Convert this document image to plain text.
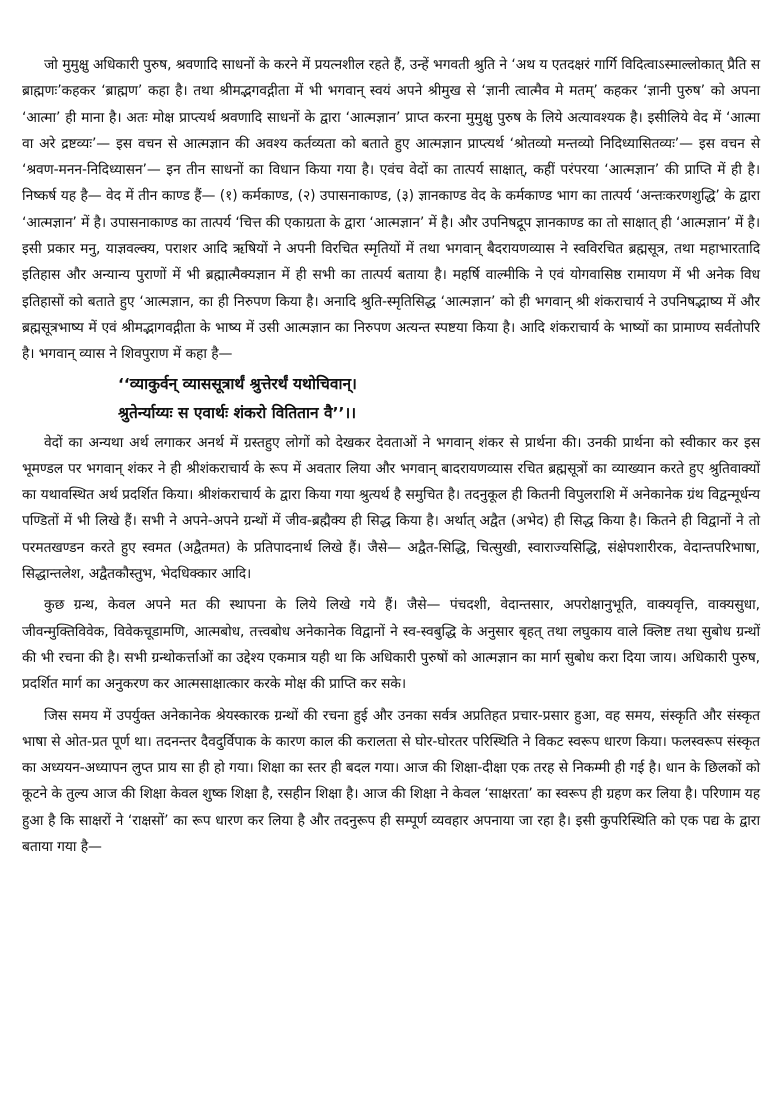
जो मुमुक्षु अधिकारी पुरुष, श्रवणादि साधनों के करने में प्रयत्नशील रहते हैं, उन्हें भगवती श्रुति ने ‘अथ य एतदक्षरं गार्गि विदित्वाऽस्माल्लोकात् प्रैति स ब्राह्मणः’कहकर ‘ब्राह्मण’ कहा है। तथा श्रीमद्भगवद्गीता में भी भगवान् स्वयं अपने श्रीमुख से ‘ज्ञानी त्वात्मैव मे मतम्’ कहकर ‘ज्ञानी पुरुष’ को अपना ‘आत्मा’ ही माना है। अतः मोक्ष प्राप्त्यर्थ श्रवणादि साधनों के द्वारा ‘आत्मज्ञान’ प्राप्त करना मुमुक्षु पुरुष के लिये अत्यावश्यक है। इसीलिये वेद में ‘आत्मा वा अरे द्रष्टव्यः’— इस वचन से आत्मज्ञान की अवश्य कर्तव्यता को बताते हुए आत्मज्ञान प्राप्त्यर्थ ‘श्रोतव्यो मन्तव्यो निदिध्यासितव्यः’— इस वचन से ‘श्रवण-मनन-निदिध्यासन’— इन तीन साधनों का विधान किया गया है। एवंच वेदों का तात्पर्य साक्षात्, कहीं परंपरया ‘आत्मज्ञान’ की प्राप्ति में ही है। निष्कर्ष यह है— वेद में तीन काण्ड हैं— (१) कर्मकाण्ड, (२) उपासनाकाण्ड, (३) ज्ञानकाण्ड वेद के कर्मकाण्ड भाग का तात्पर्य ‘अन्तःकरणशुद्धि’ के द्वारा ‘आत्मज्ञान’ में है। उपासनाकाण्ड का तात्पर्य ‘चित्त की एकाग्रता के द्वारा ‘आत्मज्ञान’ में है। और उपनिषद्रूप ज्ञानकाण्ड का तो साक्षात् ही ‘आत्मज्ञान’ में है। इसी प्रकार मनु, याज्ञवल्क्य, पराशर आदि ऋषियों ने अपनी विरचित स्मृतियों में तथा भगवान् बैदरायणव्यास ने स्वविरचित ब्रह्मसूत्र, तथा महाभारतादि इतिहास और अन्यान्य पुराणों में भी ब्रह्मात्मैक्यज्ञान में ही सभी का तात्पर्य बताया है। महर्षि वाल्मीकि ने एवं योगवासिष्ठ रामायण में भी अनेक विध इतिहासों को बताते हुए ‘आत्मज्ञान, का ही निरुपण किया है। अनादि श्रुति-स्मृतिसिद्ध ‘आत्मज्ञान’ को ही भगवान् श्री शंकराचार्य ने उपनिषद्भाष्य में और ब्रह्मसूत्रभाष्य में एवं श्रीमद्भागवद्गीता के भाष्य में उसी आत्मज्ञान का निरुपण अत्यन्त स्पष्टया किया है। आदि शंकराचार्य के भाष्यों का प्रामाण्य सर्वतोपरि है। भगवान् व्यास ने शिवपुराण में कहा है—

‘‘व्याकुर्वन् व्याससूत्रार्थं श्रुत्तेरर्थं यथोचिवान्।
श्रुतेर्न्याय्यः स एवार्थः शंकरो वितितान वै’’।।

वेदों का अन्यथा अर्थ लगाकर अनर्थ में ग्रस्तहुए लोगों को देखकर देवताओं ने भगवान् शंकर से प्रार्थना की। उनकी प्रार्थना को स्वीकार कर इस भूमण्डल पर भगवान् शंकर ने ही श्रीशंकराचार्य के रूप में अवतार लिया और भगवान् बादरायणव्यास रचित ब्रह्मसूत्रों का व्याख्यान करते हुए श्रुतिवाक्यों का यथावस्थित अर्थ प्रदर्शित किया। श्रीशंकराचार्य के द्वारा किया गया श्रुत्यर्थ है समुचित है। तदनुकूल ही कितनी विपुलराशि में अनेकानेक ग्रंथ विद्वन्मूर्धन्य पण्डितों में भी लिखे हैं। सभी ने अपने-अपने ग्रन्थों में जीव-ब्रह्मैक्य ही सिद्ध किया है। अर्थात् अद्वैत (अभेद) ही सिद्ध किया है। कितने ही विद्वानों ने तो परमतखण्डन करते हुए स्वमत (अद्वैतमत) के प्रतिपादनार्थ लिखे हैं। जैसे— अद्वैत-सिद्धि, चित्सुखी, स्वाराज्यसिद्धि, संक्षेपशारीरक, वेदान्तपरिभाषा, सिद्धान्तलेश, अद्वैतकौस्तुभ, भेदधिक्कार आदि।

कुछ ग्रन्थ, केवल अपने मत की स्थापना के लिये लिखे गये हैं। जैसे— पंचदशी, वेदान्तसार, अपरोक्षानुभूति, वाक्यवृत्ति, वाक्यसुधा, जीवन्मुक्तिविवेक, विवेकचूडामणि, आत्मबोध, तत्त्वबोध अनेकानेक विद्वानों ने स्व-स्वबुद्धि के अनुसार बृहत् तथा लघुकाय वाले क्लिष्ट तथा सुबोध ग्रन्थों की भी रचना की है। सभी ग्रन्थोकर्त्ताओं का उद्देश्य एकमात्र यही था कि अधिकारी पुरुषों को आत्मज्ञान का मार्ग सुबोध करा दिया जाय। अधिकारी पुरुष, प्रदर्शित मार्ग का अनुकरण कर आत्मसाक्षात्कार करके मोक्ष की प्राप्ति कर सके।

जिस समय में उपर्युक्त अनेकानेक श्रेयस्कारक ग्रन्थों की रचना हुई और उनका सर्वत्र अप्रतिहत प्रचार-प्रसार हुआ, वह समय, संस्कृति और संस्कृत भाषा से ओत-प्रत पूर्ण था। तदनन्तर दैवदुर्विपाक के कारण काल की करालता से घोर-घोरतर परिस्थिति ने विकट स्वरूप धारण किया। फलस्वरूप संस्कृत का अध्ययन-अध्यापन लुप्त प्राय सा ही हो गया। शिक्षा का स्तर ही बदल गया। आज की शिक्षा-दीक्षा एक तरह से निकम्मी ही गई है। धान के छिलकों को कूटने के तुल्य आज की शिक्षा केवल शुष्क शिक्षा है, रसहीन शिक्षा है। आज की शिक्षा ने केवल ‘साक्षरता’ का स्वरूप ही ग्रहण कर लिया है। परिणाम यह हुआ है कि साक्षरों ने ‘राक्षसों’ का रूप धारण कर लिया है और तदनुरूप ही सम्पूर्ण व्यवहार अपनाया जा रहा है। इसी कुपरिस्थिति को एक पद्य के द्वारा बताया गया है—
